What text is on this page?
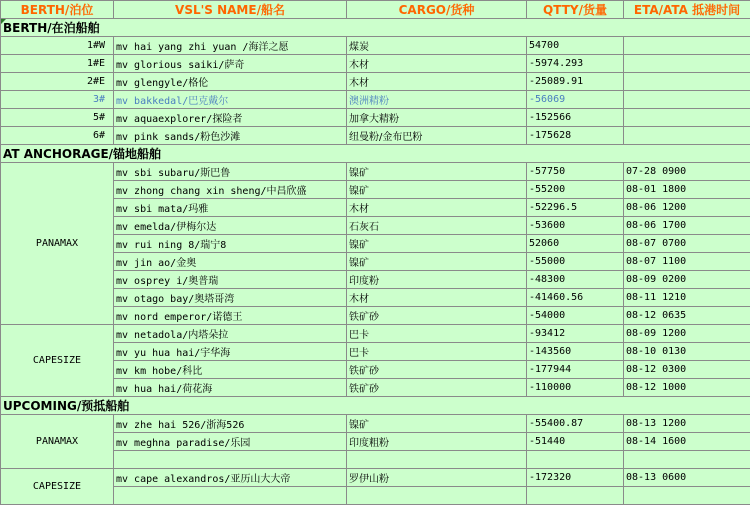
BERTH/泊位	VSL'S NAME/船名	CARGO/货种	QTTY/货量	ETA/ATA 抵港时间
BERTH/在泊船舶				
1#W	mv hai yang zhi yuan /海洋之愿	煤炭	54700	
1#E	mv glorious saiki/萨奇	木材	-5974.293	
2#E	mv glengyle/格伦	木材	-25089.91	
3#	mv bakkedal/巴克戴尔	澳洲精粉	-56069	
5#	mv aquaexplorer/探险者	加拿大精粉	-152566	
6#	mv pink sands/粉色沙滩	纽曼粉/金布巴粉	-175628	
AT ANCHORAGE/锚地船舶				
PANAMAX	mv sbi subaru/斯巴鲁	镍矿	-57750	07-28 0900
	mv zhong chang xin sheng/中昌欣盛	镍矿	-55200	08-01 1800
	mv sbi mata/玛雅	木材	-52296.5	08-06 1200
	mv emelda/伊梅尔达	石灰石	-53600	08-06 1700
	mv rui ning 8/瑞宁8	镍矿	52060	08-07 0700
	mv jin ao/金奥	镍矿	-55000	08-07 1100
	mv osprey i/奥普瑞	印度粉	-48300	08-09 0200
	mv otago bay/奥塔哥湾	木材	-41460.56	08-11 1210
	mv nord emperor/诺德王	铁矿砂	-54000	08-12 0635
CAPESIZE	mv netadola/内塔朵拉	巴卡	-93412	08-09 1200
	mv yu hua hai/宇华海	巴卡	-143560	08-10 0130
	mv km hobe/科比	铁矿砂	-177944	08-12 0300
	mv hua hai/荷花海	铁矿砂	-110000	08-12 1000
UPCOMING/预抵船舶				
PANAMAX	mv zhe hai 526/浙海526	镍矿	-55400.87	08-13 1200
	mv meghna paradise/乐园	印度粗粉	-51440	08-14 1600

CAPESIZE	mv cape alexandros/亚历山大大帝	罗伊山粉	-172320	08-13 0600
